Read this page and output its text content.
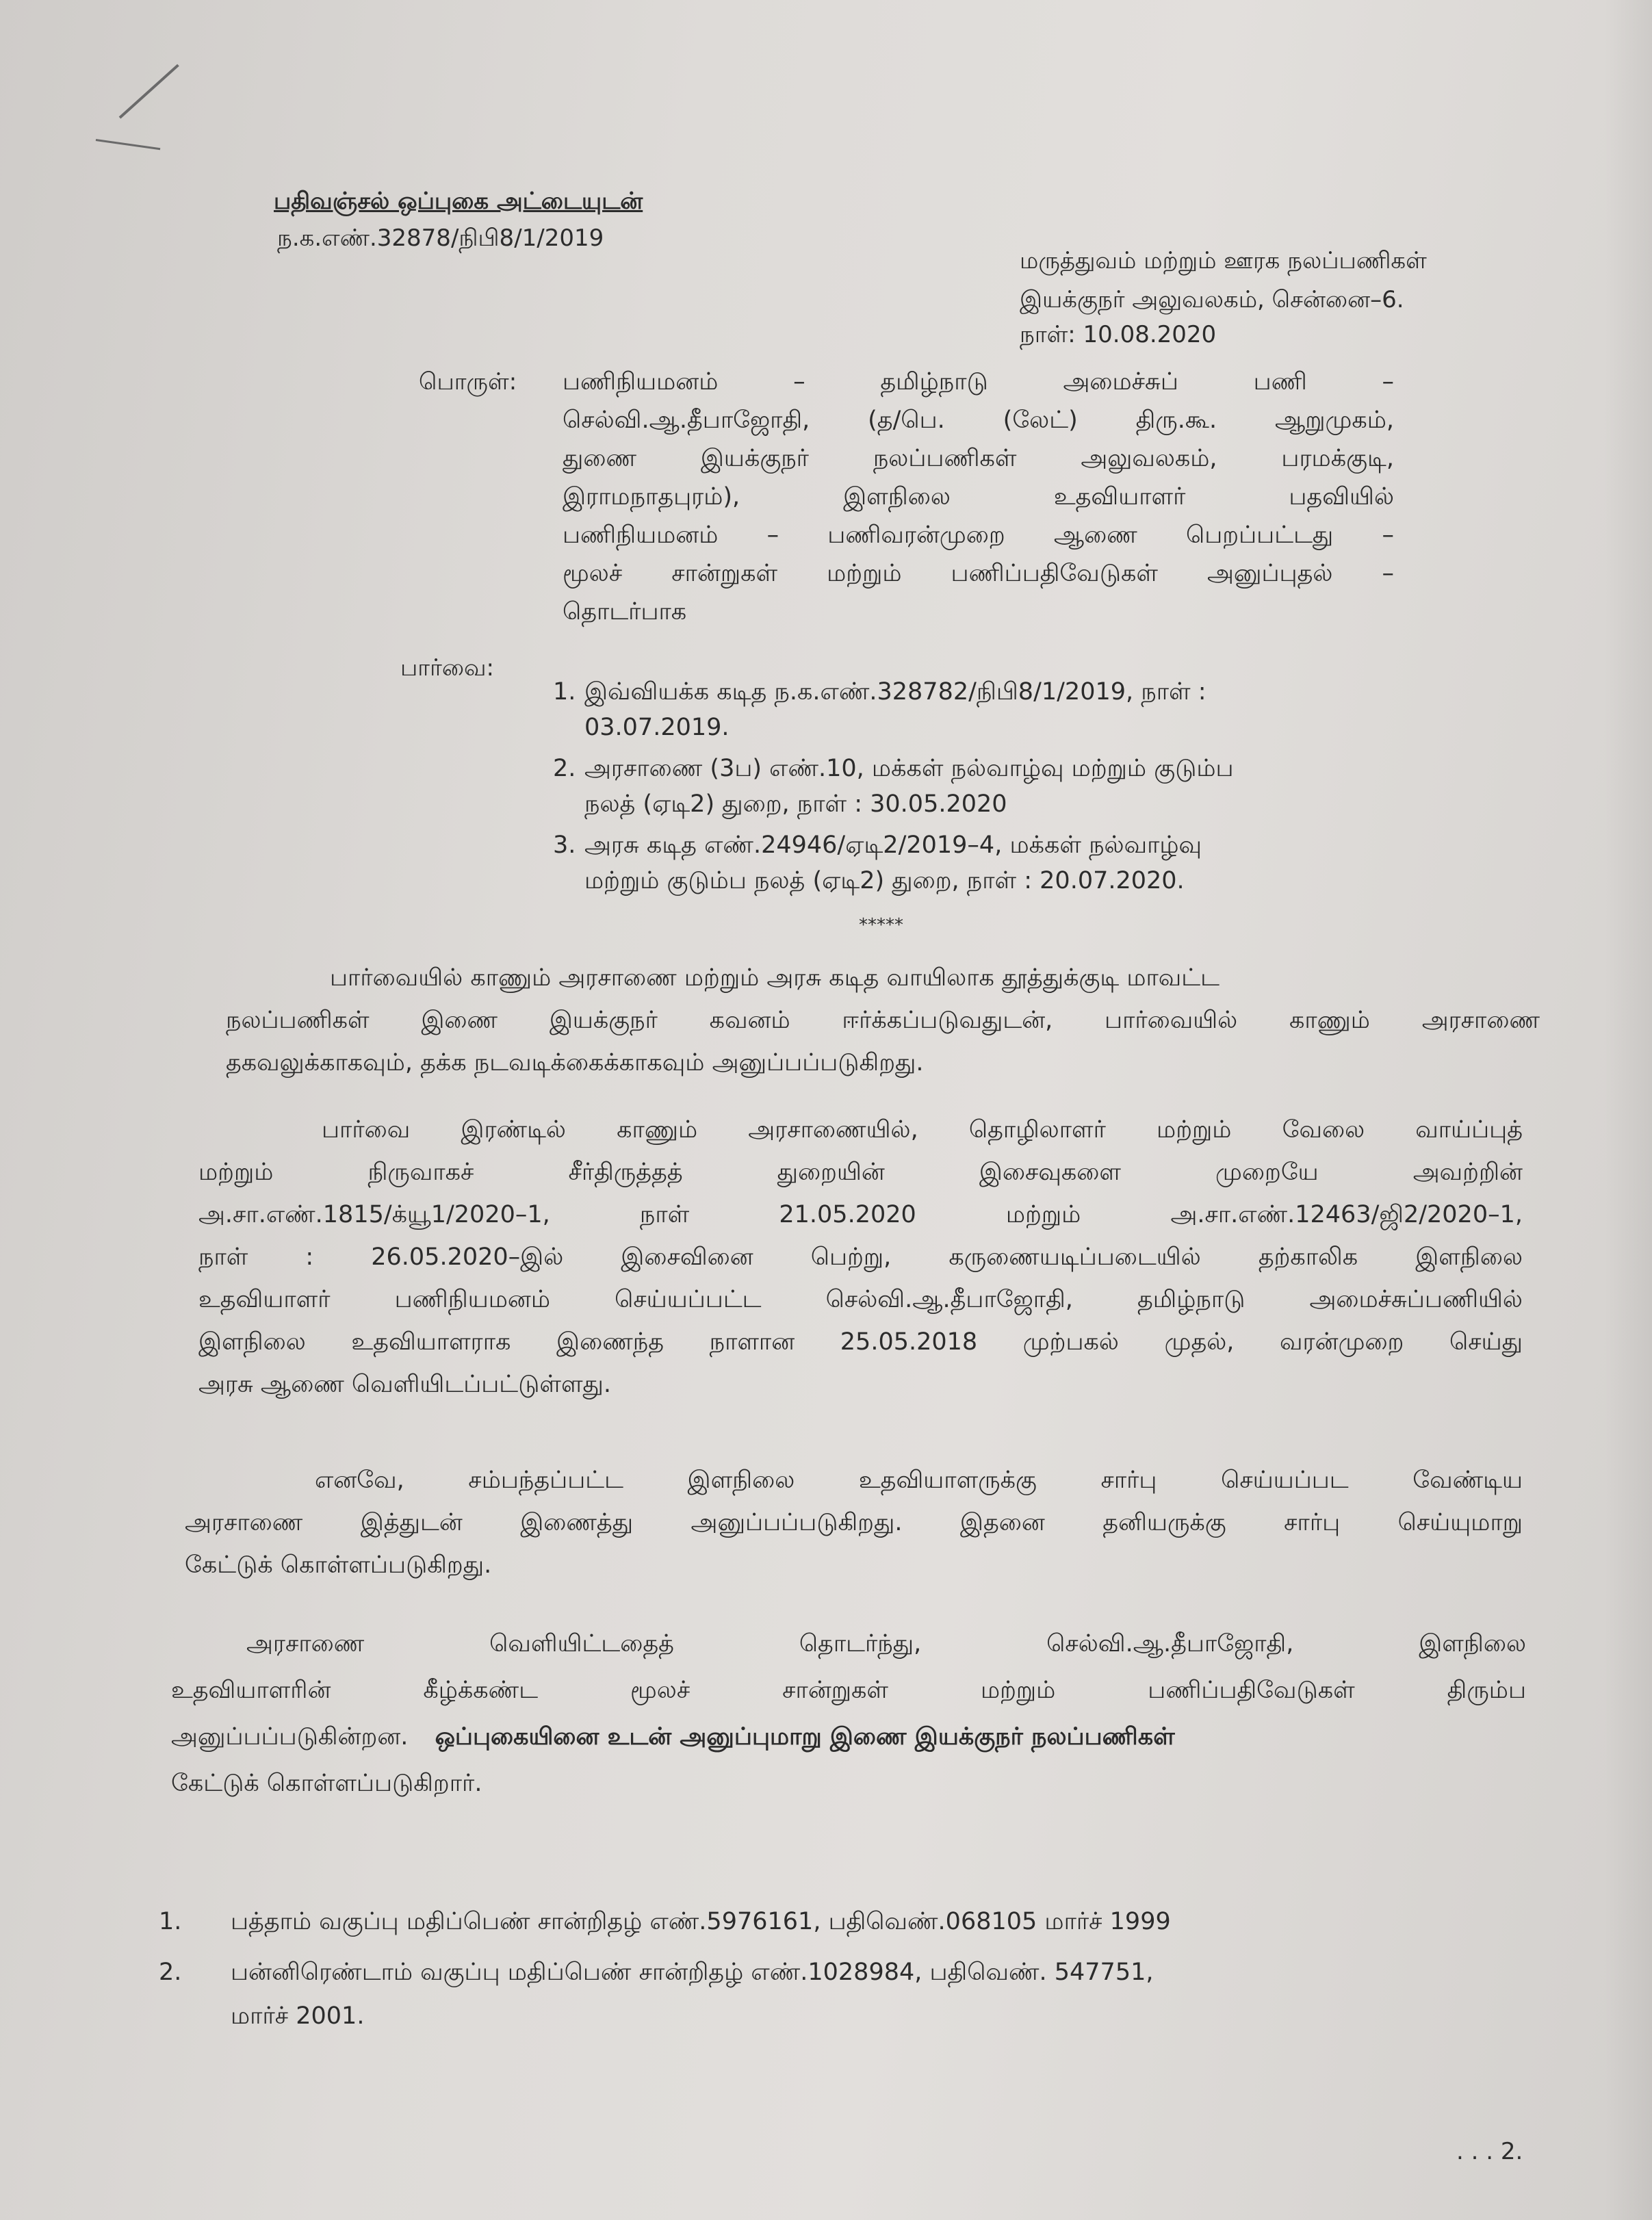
பதிவஞ்சல் ஒப்புகை அட்டையுடன்
ந.க.எண்.32878/நிபி8/1/2019
மருத்துவம் மற்றும் ஊரக நலப்பணிகள்
இயக்குநர் அலுவலகம், சென்னை–6.
நாள்: 10.08.2020
பொருள்: பணிநியமனம் – தமிழ்நாடு அமைச்சுப் பணி –
செல்வி.ஆ.தீபாஜோதி, (த/பெ. (லேட்) திரு.கூ. ஆறுமுகம்,
துணை இயக்குநர் நலப்பணிகள் அலுவலகம், பரமக்குடி,
இராமநாதபுரம்), இளநிலை உதவியாளர் பதவியில்
பணிநியமனம் – பணிவரன்முறை ஆணை பெறப்பட்டது –
மூலச் சான்றுகள் மற்றும் பணிப்பதிவேடுகள் அனுப்புதல் –
தொடர்பாக
பார்வை:
1. இவ்வியக்க கடித ந.க.எண்.328782/நிபி8/1/2019, நாள் :
03.07.2019.
2. அரசாணை (3ப) எண்.10, மக்கள் நல்வாழ்வு மற்றும் குடும்ப
நலத் (ஏடி2) துறை, நாள் : 30.05.2020
3. அரசு கடித எண்.24946/ஏடி2/2019–4, மக்கள் நல்வாழ்வு
மற்றும் குடும்ப நலத் (ஏடி2) துறை, நாள் : 20.07.2020.
*****
பார்வையில் காணும் அரசாணை மற்றும் அரசு கடித வாயிலாக தூத்துக்குடி மாவட்ட
நலப்பணிகள் இணை இயக்குநர் கவனம் ஈர்க்கப்படுவதுடன், பார்வையில் காணும் அரசாணை
தகவலுக்காகவும், தக்க நடவடிக்கைக்காகவும் அனுப்பப்படுகிறது.
பார்வை இரண்டில் காணும் அரசாணையில், தொழிலாளர் மற்றும் வேலை வாய்ப்புத்
மற்றும் நிருவாகச் சீர்திருத்தத் துறையின் இசைவுகளை முறையே அவற்றின்
அ.சா.எண்.1815/க்யூ1/2020–1, நாள் 21.05.2020 மற்றும் அ.சா.எண்.12463/ஜி2/2020–1,
நாள் : 26.05.2020–இல் இசைவினை பெற்று, கருணையடிப்படையில் தற்காலிக இளநிலை
உதவியாளர் பணிநியமனம் செய்யப்பட்ட செல்வி.ஆ.தீபாஜோதி, தமிழ்நாடு அமைச்சுப்பணியில்
இளநிலை உதவியாளராக இணைந்த நாளான 25.05.2018 முற்பகல் முதல், வரன்முறை செய்து
அரசு ஆணை வெளியிடப்பட்டுள்ளது.
எனவே, சம்பந்தப்பட்ட இளநிலை உதவியாளருக்கு சார்பு செய்யப்பட வேண்டிய
அரசாணை இத்துடன் இணைத்து அனுப்பப்படுகிறது. இதனை தனியருக்கு சார்பு செய்யுமாறு
கேட்டுக் கொள்ளப்படுகிறது.
அரசாணை வெளியிட்டதைத் தொடர்ந்து, செல்வி.ஆ.தீபாஜோதி, இளநிலை
உதவியாளரின் கீழ்க்கண்ட மூலச் சான்றுகள் மற்றும் பணிப்பதிவேடுகள் திரும்ப
அனுப்பப்படுகின்றன. ஒப்புகையினை உடன் அனுப்புமாறு இணை இயக்குநர் நலப்பணிகள்
கேட்டுக் கொள்ளப்படுகிறார்.
1.	பத்தாம் வகுப்பு மதிப்பெண் சான்றிதழ் எண்.5976161, பதிவெண்.068105 மார்ச் 1999
2.	பன்னிரெண்டாம் வகுப்பு மதிப்பெண் சான்றிதழ் எண்.1028984, பதிவெண். 547751,
மார்ச் 2001.
. . . 2.
